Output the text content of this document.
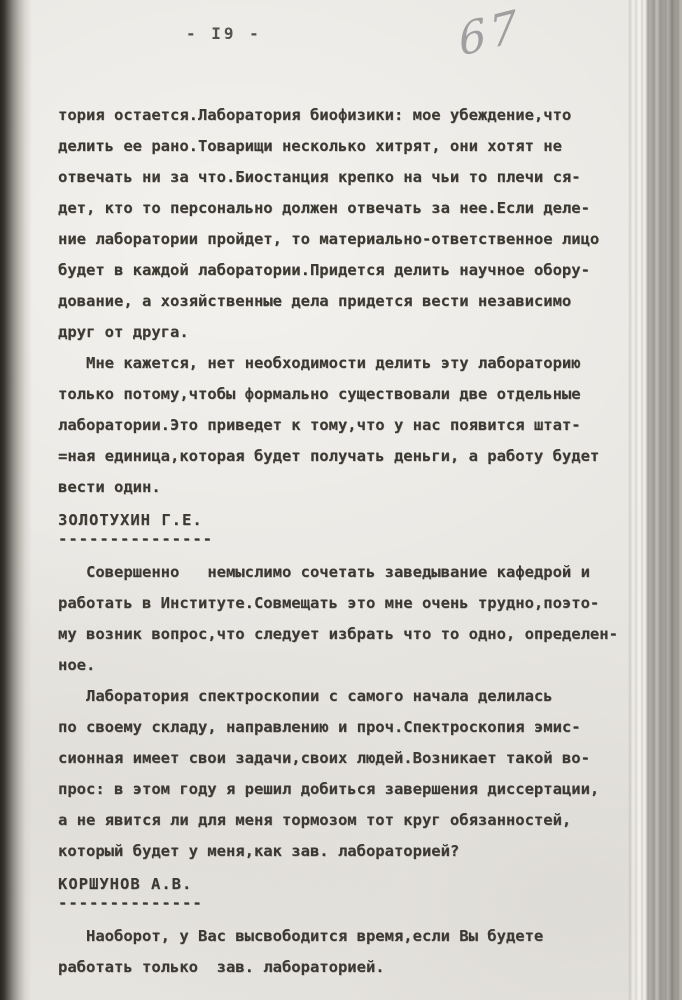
- I9 -	67
тория остается.Лаборатория биофизики: мое убеждение,что
делить ее рано.Товарищи несколько хитрят, они хотят не
отвечать ни за что.Биостанция крепко на чьи то плечи ся-
дет, кто то персонально должен отвечать за нее.Если деле-
ние лаборатории пройдет, то материально-ответственное лицо
будет в каждой лаборатории.Придется делить научное обору-
дование, а хозяйственные дела придется вести независимо
друг от друга.
Мне кажется, нет необходимости делить эту лабораторию
только потому,чтобы формально существовали две отдельные
лаборатории.Это приведет к тому,что у нас появится штат-
=ная единица,которая будет получать деньги, а работу будет
вести один.
ЗОЛОТУХИН Г.Е.
---------------
Совершенно   немыслимо сочетать заведывание кафедрой и
работать в Институте.Совмещать это мне очень трудно,поэто-
му возник вопрос,что следует избрать что то одно, определен-
ное.
Лаборатория спектроскопии с самого начала делилась
по своему складу, направлению и проч.Спектроскопия эмис-
сионная имеет свои задачи,своих людей.Возникает такой во-
прос: в этом году я решил добиться завершения диссертации,
а не явится ли для меня тормозом тот круг обязанностей,
который будет у меня,как зав. лабораторией?
КОРШУНОВ А.В.
--------------
Наоборот, у Вас высвободится время,если Вы будете
работать только  зав. лабораторией.
